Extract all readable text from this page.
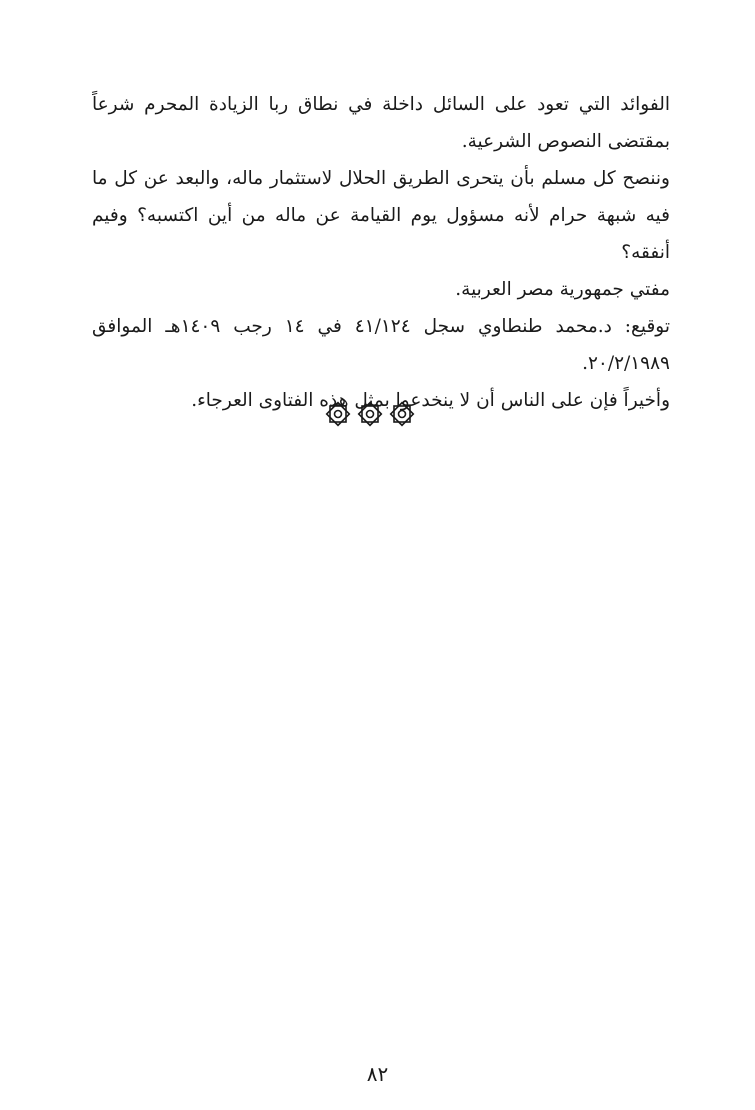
الفوائد التي تعود على السائل داخلة في نطاق ربا الزيادة المحرم شرعاً بمقتضى النصوص الشرعية.

وننصح كل مسلم بأن يتحرى الطريق الحلال لاستثمار ماله، والبعد عن كل ما فيه شبهة حرام لأنه مسؤول يوم القيامة عن ماله من أين اكتسبه؟ وفيم أنفقه؟

مفتي جمهورية مصر العربية.

توقيع: د.محمد طنطاوي سجل ٤١/١٢٤ في ١٤ رجب ١٤٠٩هـ الموافق ٢٠/٢/١٩٨٩.

وأخيراً فإن على الناس أن لا ينخدعوا بمثل هذه الفتاوى العرجاء.

٨٢
